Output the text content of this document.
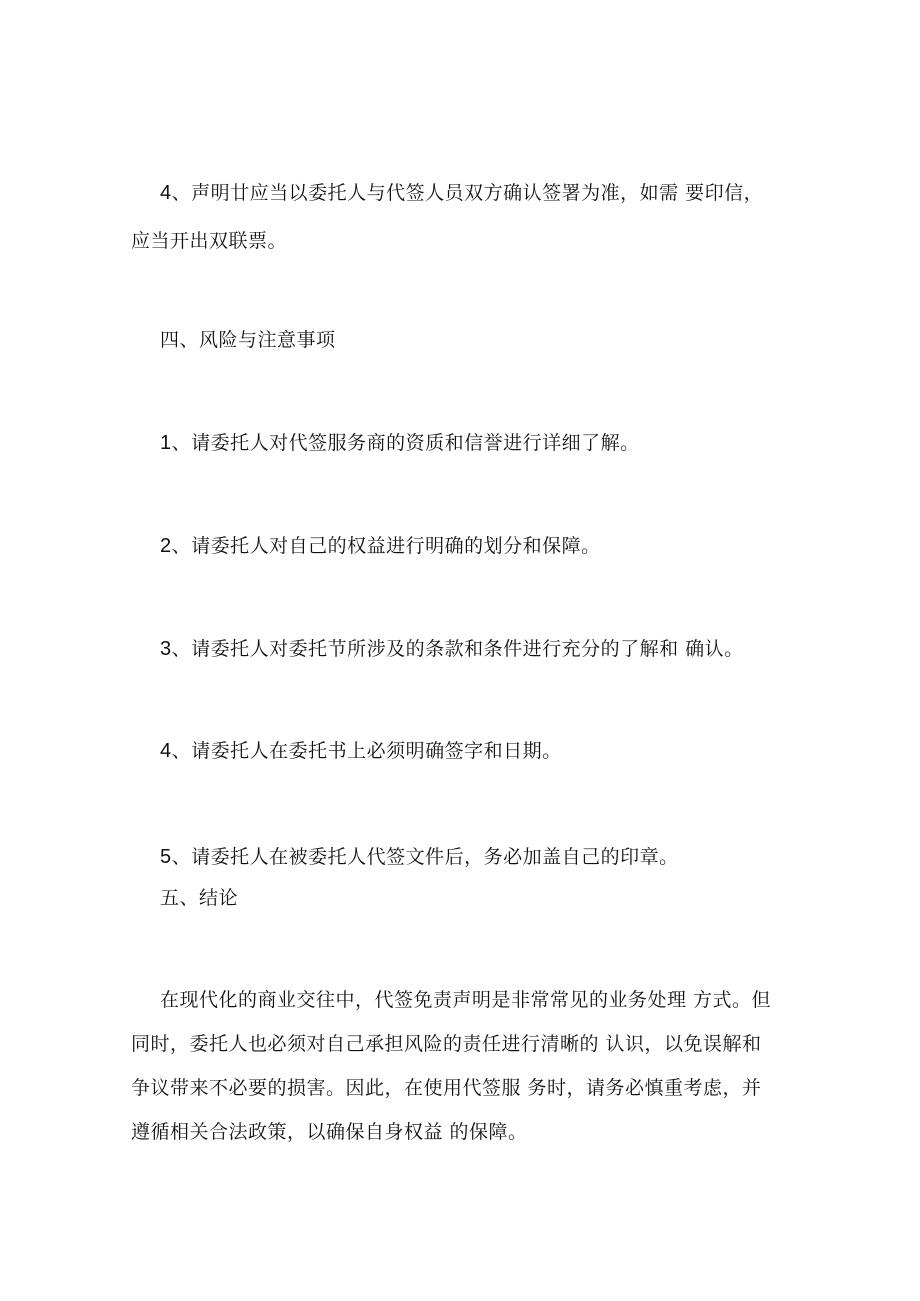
4、声明廿应当以委托人与代签人员双方确认签署为准，如需 要印信，
应当开出双联票。
四、风险与注意事项
1、请委托人对代签服务商的资质和信誉进行详细了解。
2、请委托人对自己的权益进行明确的划分和保障。
3、请委托人对委托节所涉及的条款和条件进行充分的了解和 确认。
4、请委托人在委托书上必须明确签字和日期。
5、请委托人在被委托人代签文件后，务必加盖自己的印章。
五、结论
在现代化的商业交往中，代签免责声明是非常常见的业务处理 方式。但
同时，委托人也必须对自己承担风险的责任进行清晰的 认识，以免误解和
争议带来不必要的损害。因此，在使用代签服 务时，请务必慎重考虑，并
遵循相关合法政策，以确保自身权益 的保障。
